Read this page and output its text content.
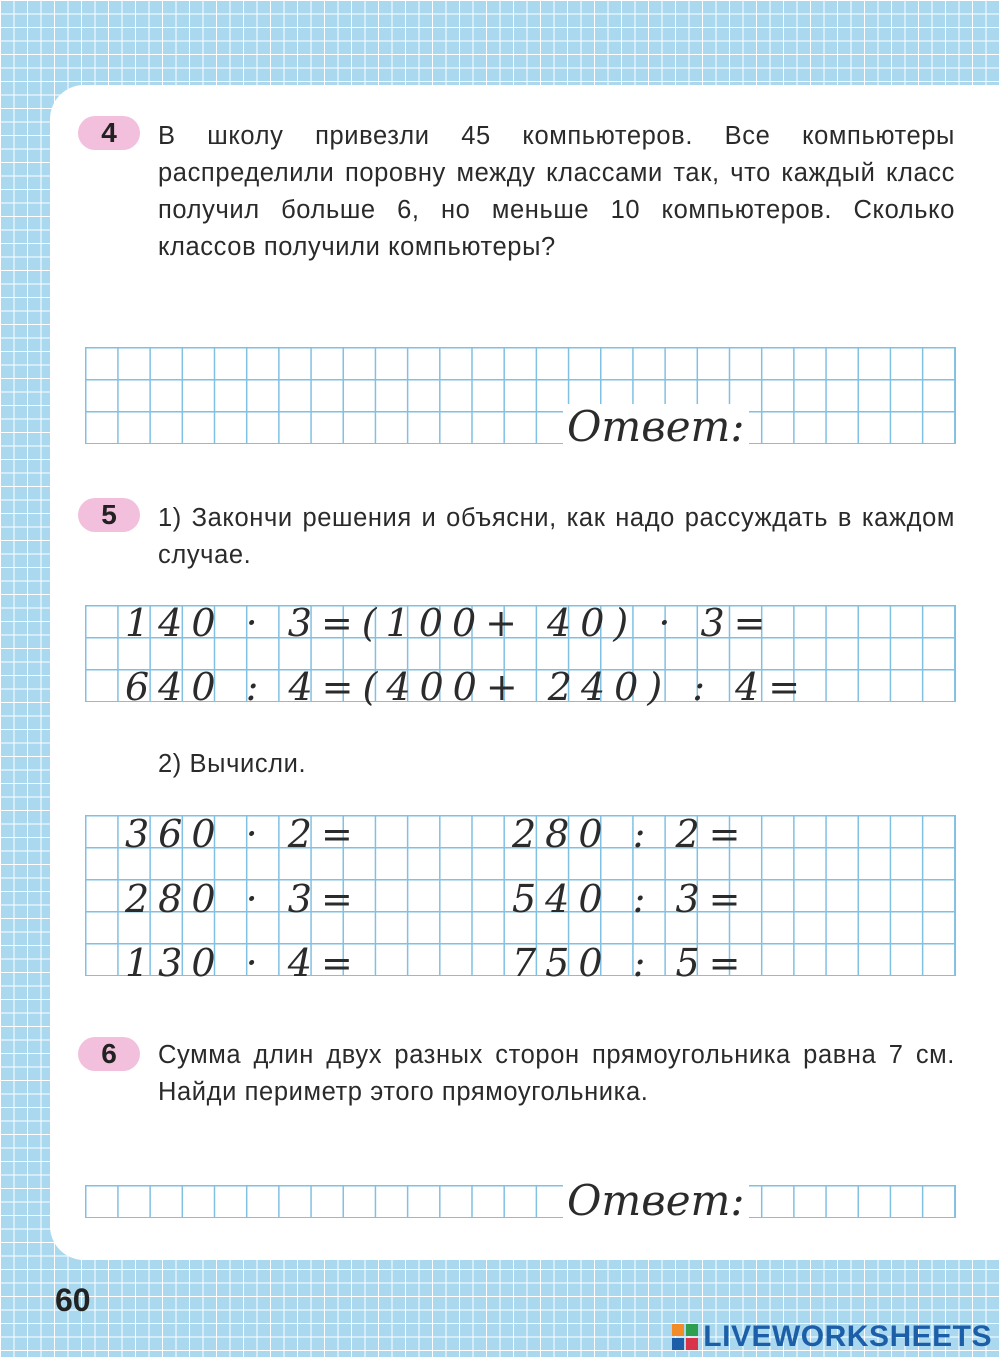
4	В школу привезли 45 компьютеров. Все компьютеры распределили поровну между классами так, что каждый класс получил больше 6, но меньше 10 компьютеров. Сколько классов получили компьютеры?
Ответ:
5	1) Закончи решения и объясни, как надо рассуждать в каждом случае.
140 · 3=(100+ 40) · 3=
640 : 4=(400+ 240) : 4=
2) Вычисли.
360 · 2=
280 · 3=
130 · 4=
280 : 2=
540 : 3=
750 : 5=
6	Сумма длин двух разных сторон прямоугольника равна 7 см. Найди периметр этого прямоугольника.
Ответ:
60
LIVEWORKSHEETS
